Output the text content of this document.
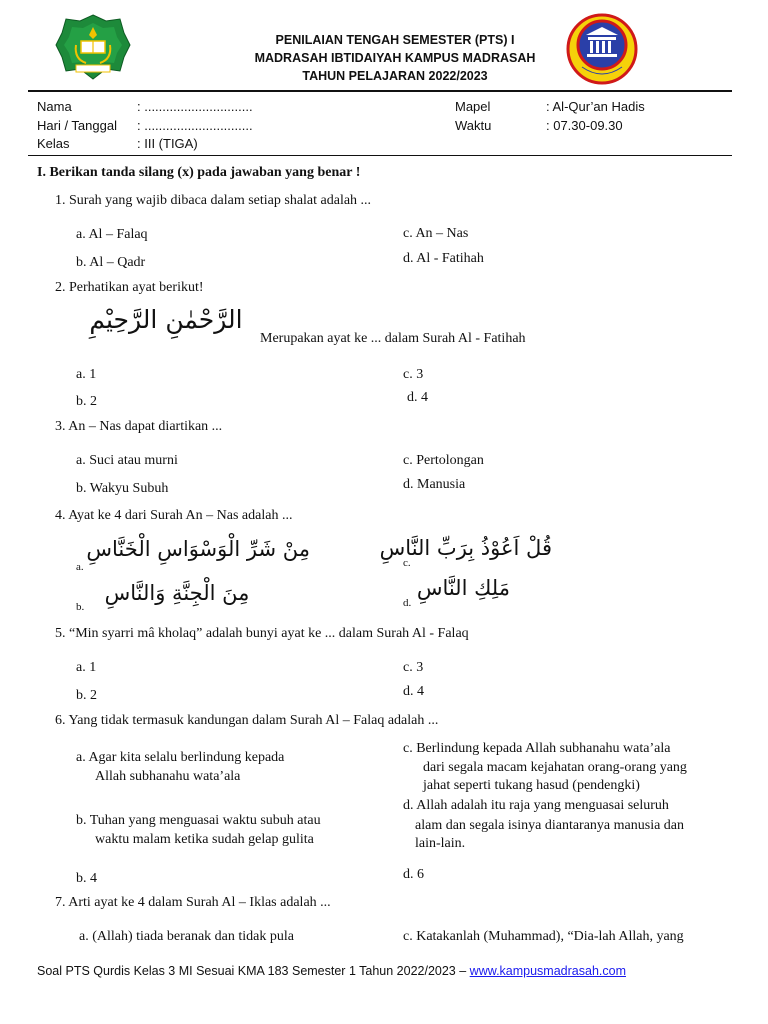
PENILAIAN TENGAH SEMESTER (PTS) I
MADRASAH IBTIDAIYAH KAMPUS MADRASAH
TAHUN PELAJARAN 2022/2023
Nama	: ..............................
Hari / Tanggal : ..............................
Kelas	: III (TIGA)
Mapel	: Al-Qur’an Hadis
Waktu	: 07.30-09.30
I. Berikan tanda silang (x) pada jawaban yang benar !
1. Surah yang wajib dibaca dalam setiap shalat adalah ...
a. Al – Falaq
b. Al – Qadr
c. An – Nas
d. Al - Fatihah
2. Perhatikan ayat berikut!
الرَّحْمٰنِ الرَّحِيْمِ
Merupakan ayat ke ... dalam Surah Al - Fatihah
a. 1
b. 2
c. 3
d. 4
3. An – Nas dapat diartikan ...
a. Suci atau murni
b. Wakyu Subuh
c. Pertolongan
d. Manusia
4. Ayat ke 4 dari Surah An – Nas adalah ...
a.
مِنْ شَرِّ الْوَسْوَاسِ الْخَنَّاسِ
b.
مِنَ الْجِنَّةِ وَالنَّاسِ
c.
قُلْ اَعُوْذُ بِرَبِّ النَّاسِ
d.
مَلِكِ النَّاسِ
5. “Min syarri mâ kholaq” adalah bunyi ayat ke ... dalam Surah Al - Falaq
a. 1
b. 2
c. 3
d. 4
6. Yang tidak termasuk kandungan dalam Surah Al – Falaq adalah ...
a. Agar kita selalu berlindung kepada
Allah subhanahu wata’ala
b. Tuhan yang menguasai waktu subuh atau
waktu malam ketika sudah gelap gulita
c. Berlindung kepada Allah subhanahu wata’ala
dari segala macam kejahatan orang-orang yang
jahat seperti tukang hasud (pendengki)
d. Allah adalah itu raja yang menguasai seluruh
alam dan segala isinya diantaranya manusia dan
lain-lain.
b. 4	d. 6
7. Arti ayat ke 4 dalam Surah Al – Iklas adalah ...
a. (Allah) tiada beranak dan tidak pula	c. Katakanlah (Muhammad), “Dia-lah Allah, yang
Soal PTS Qurdis Kelas 3 MI Sesuai KMA 183 Semester 1 Tahun 2022/2023 – www.kampusmadrasah.com
